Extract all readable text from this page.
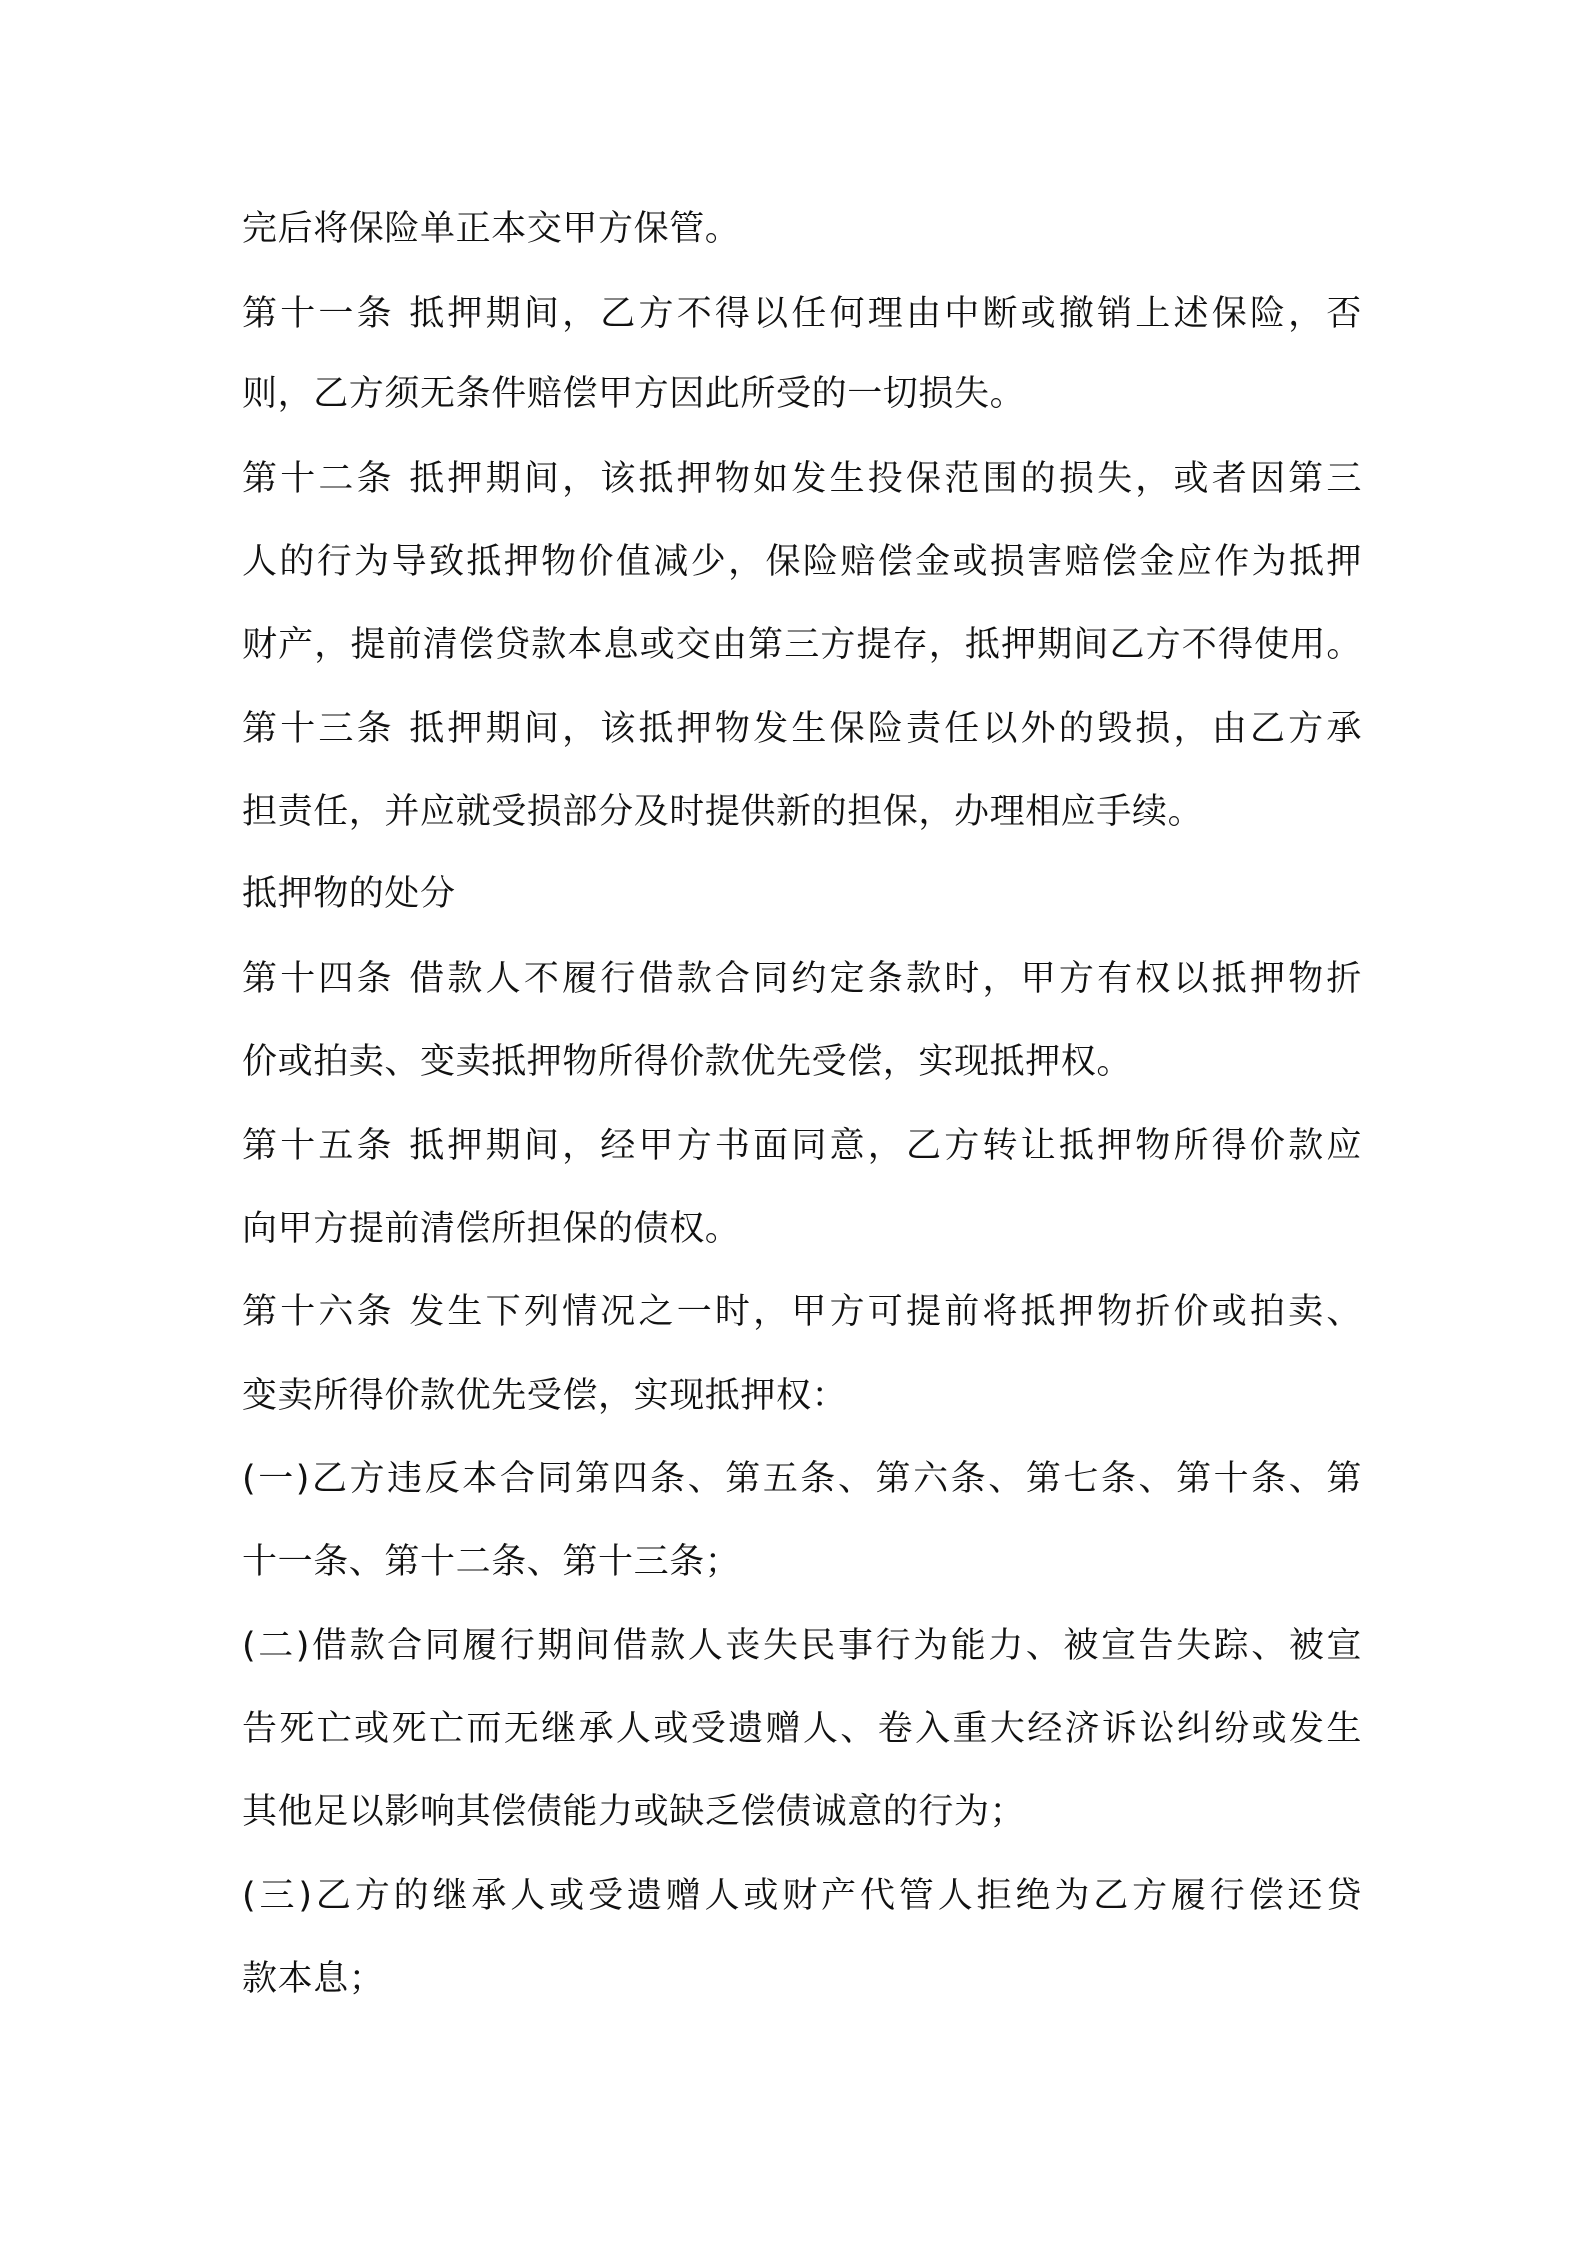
完后将保险单正本交甲方保管。
第十一条 抵押期间，乙方不得以任何理由中断或撤销上述保险，否
则，乙方须无条件赔偿甲方因此所受的一切损失。
第十二条 抵押期间，该抵押物如发生投保范围的损失，或者因第三
人的行为导致抵押物价值减少，保险赔偿金或损害赔偿金应作为抵押
财产，提前清偿贷款本息或交由第三方提存，抵押期间乙方不得使用。
第十三条 抵押期间，该抵押物发生保险责任以外的毁损，由乙方承
担责任，并应就受损部分及时提供新的担保，办理相应手续。
抵押物的处分
第十四条 借款人不履行借款合同约定条款时，甲方有权以抵押物折
价或拍卖、变卖抵押物所得价款优先受偿，实现抵押权。
第十五条 抵押期间，经甲方书面同意，乙方转让抵押物所得价款应
向甲方提前清偿所担保的债权。
第十六条 发生下列情况之一时，甲方可提前将抵押物折价或拍卖、
变卖所得价款优先受偿，实现抵押权：
(一)乙方违反本合同第四条、第五条、第六条、第七条、第十条、第
十一条、第十二条、第十三条；
(二)借款合同履行期间借款人丧失民事行为能力、被宣告失踪、被宣
告死亡或死亡而无继承人或受遗赠人、卷入重大经济诉讼纠纷或发生
其他足以影响其偿债能力或缺乏偿债诚意的行为；
(三)乙方的继承人或受遗赠人或财产代管人拒绝为乙方履行偿还贷
款本息；
